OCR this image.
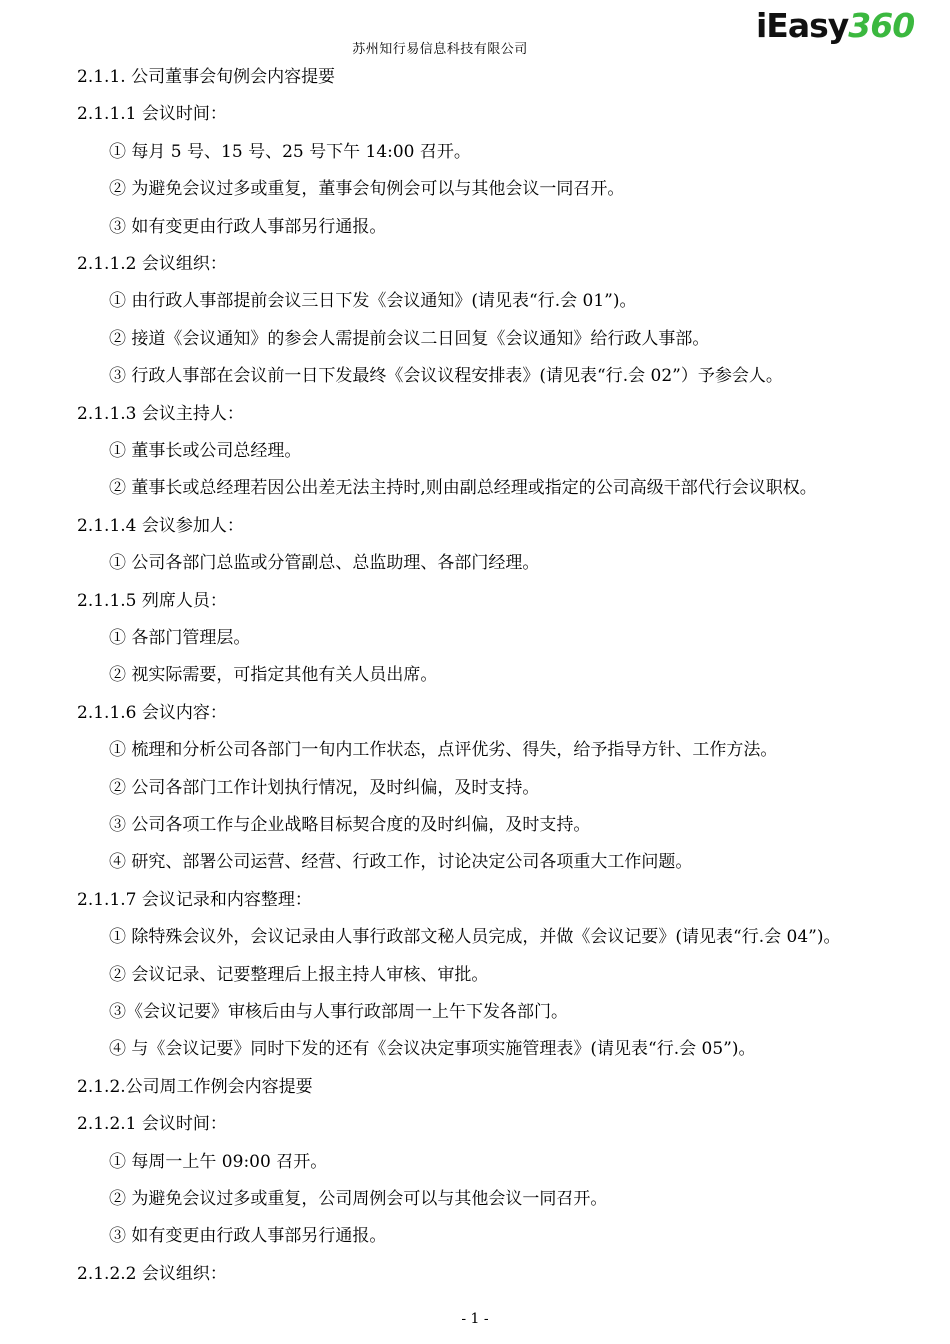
苏州知行易信息科技有限公司
iEasy360
2.1.1. 公司董事会旬例会内容提要
2.1.1.1 会议时间：
① 每月 5 号、15 号、25 号下午 14:00 召开。
② 为避免会议过多或重复，董事会旬例会可以与其他会议一同召开。
③ 如有变更由行政人事部另行通报。
2.1.1.2 会议组织：
① 由行政人事部提前会议三日下发《会议通知》(请见表“行.会 01”)。
② 接道《会议通知》的参会人需提前会议二日回复《会议通知》给行政人事部。
③ 行政人事部在会议前一日下发最终《会议议程安排表》(请见表“行.会 02”）予参会人。
2.1.1.3 会议主持人：
① 董事长或公司总经理。
② 董事长或总经理若因公出差无法主持时,则由副总经理或指定的公司高级干部代行会议职权。
2.1.1.4 会议参加人：
① 公司各部门总监或分管副总、总监助理、各部门经理。
2.1.1.5 列席人员：
① 各部门管理层。
② 视实际需要，可指定其他有关人员出席。
2.1.1.6 会议内容：
① 梳理和分析公司各部门一旬内工作状态，点评优劣、得失，给予指导方针、工作方法。
② 公司各部门工作计划执行情况，及时纠偏，及时支持。
③ 公司各项工作与企业战略目标契合度的及时纠偏，及时支持。
④ 研究、部署公司运营、经营、行政工作，讨论决定公司各项重大工作问题。
2.1.1.7 会议记录和内容整理：
① 除特殊会议外，会议记录由人事行政部文秘人员完成，并做《会议记要》(请见表“行.会 04”)。
② 会议记录、记要整理后上报主持人审核、审批。
③《会议记要》审核后由与人事行政部周一上午下发各部门。
④ 与《会议记要》同时下发的还有《会议决定事项实施管理表》(请见表“行.会 05”)。
2.1.2.公司周工作例会内容提要
2.1.2.1 会议时间：
① 每周一上午 09:00 召开。
② 为避免会议过多或重复，公司周例会可以与其他会议一同召开。
③ 如有变更由行政人事部另行通报。
2.1.2.2 会议组织：
- 1 -
